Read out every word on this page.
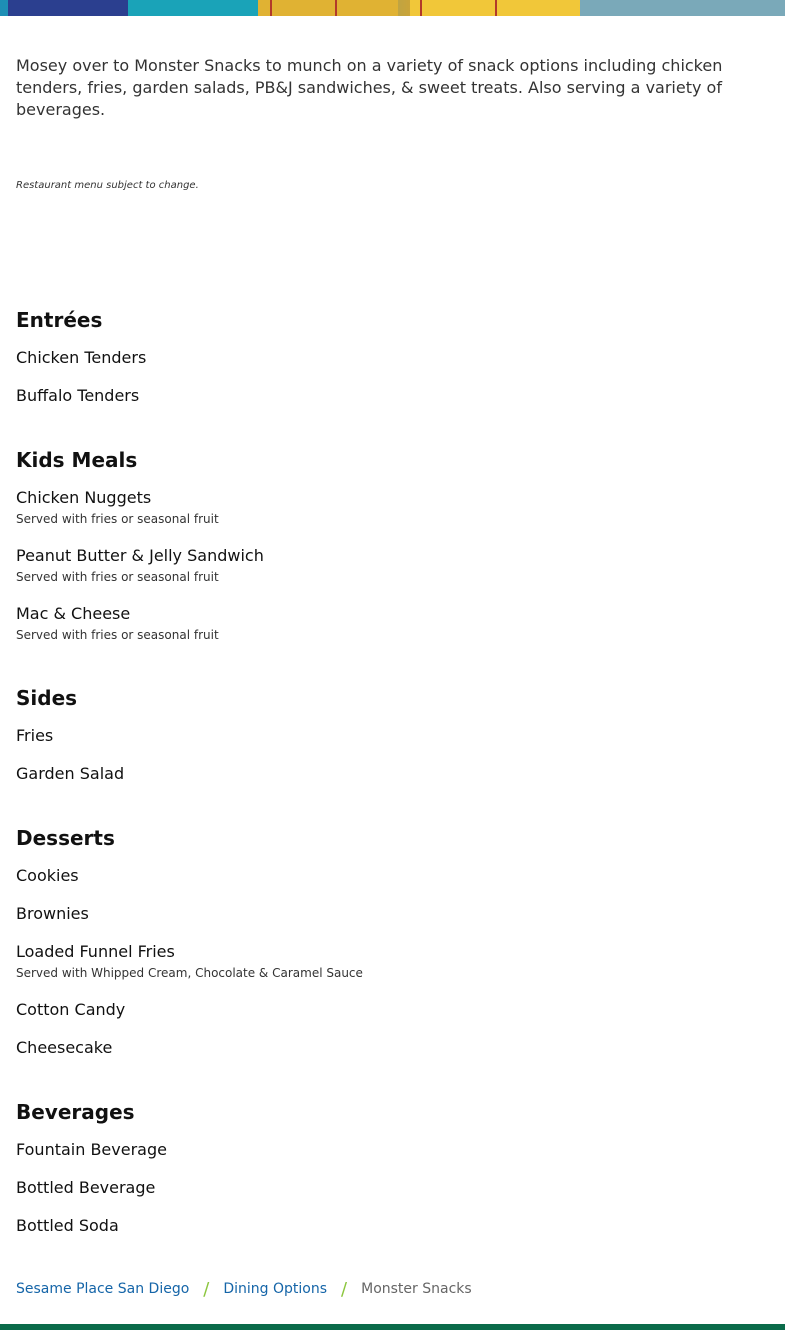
Mosey over to Monster Snacks to munch on a variety of snack options including chicken tenders, fries, garden salads, PB&J sandwiches, & sweet treats. Also serving a variety of beverages.

Restaurant menu subject to change.

Entrées

Chicken Tenders

Buffalo Tenders

Kids Meals

Chicken Nuggets

Served with fries or seasonal fruit

Peanut Butter & Jelly Sandwich

Served with fries or seasonal fruit

Mac & Cheese

Served with fries or seasonal fruit

Sides

Fries

Garden Salad

Desserts

Cookies

Brownies

Loaded Funnel Fries

Served with Whipped Cream, Chocolate & Caramel Sauce

Cotton Candy

Cheesecake

Beverages

Fountain Beverage

Bottled Beverage

Bottled Soda

Sesame Place San Diego / Dining Options / Monster Snacks
